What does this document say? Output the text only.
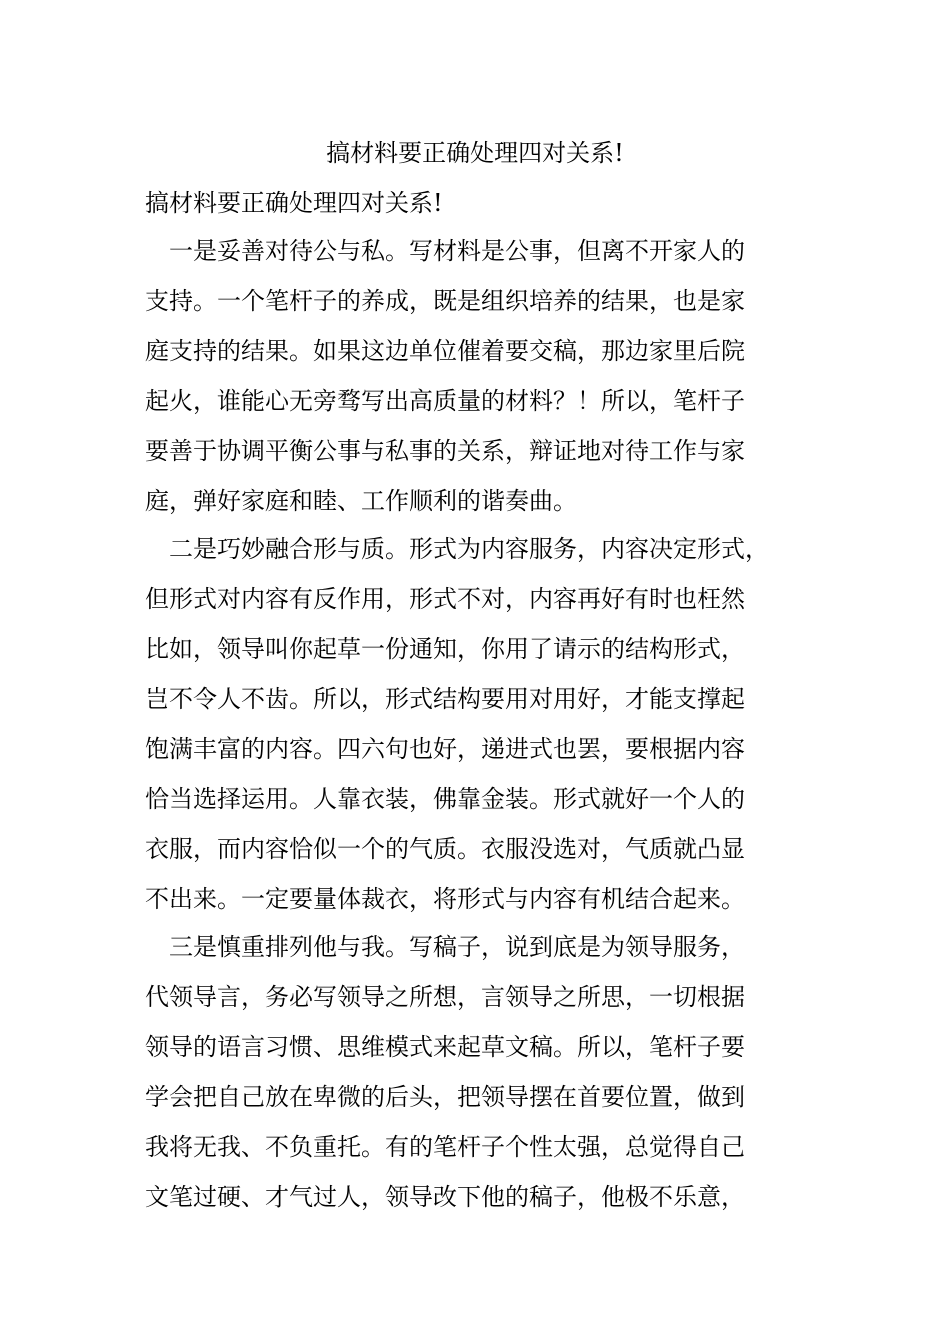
搞材料要正确处理四对关系!

搞材料要正确处理四对关系!

　一是妥善对待公与私。写材料是公事，但离不开家人的

支持。一个笔杆子的养成，既是组织培养的结果，也是家

庭支持的结果。如果这边单位催着要交稿，那边家里后院

起火，谁能心无旁骛写出高质量的材料？！所以，笔杆子

要善于协调平衡公事与私事的关系，辩证地对待工作与家

庭，弹好家庭和睦、工作顺利的谐奏曲。

　二是巧妙融合形与质。形式为内容服务，内容决定形式，

但形式对内容有反作用，形式不对，内容再好有时也枉然

比如，领导叫你起草一份通知，你用了请示的结构形式，

岂不令人不齿。所以，形式结构要用对用好，才能支撑起

饱满丰富的内容。四六句也好，递进式也罢，要根据内容

恰当选择运用。人靠衣装，佛靠金装。形式就好一个人的

衣服，而内容恰似一个的气质。衣服没选对，气质就凸显

不出来。一定要量体裁衣，将形式与内容有机结合起来。

　三是慎重排列他与我。写稿子，说到底是为领导服务，

代领导言，务必写领导之所想，言领导之所思，一切根据

领导的语言习惯、思维模式来起草文稿。所以，笔杆子要

学会把自己放在卑微的后头，把领导摆在首要位置，做到

我将无我、不负重托。有的笔杆子个性太强，总觉得自己

文笔过硬、才气过人，领导改下他的稿子，他极不乐意，
